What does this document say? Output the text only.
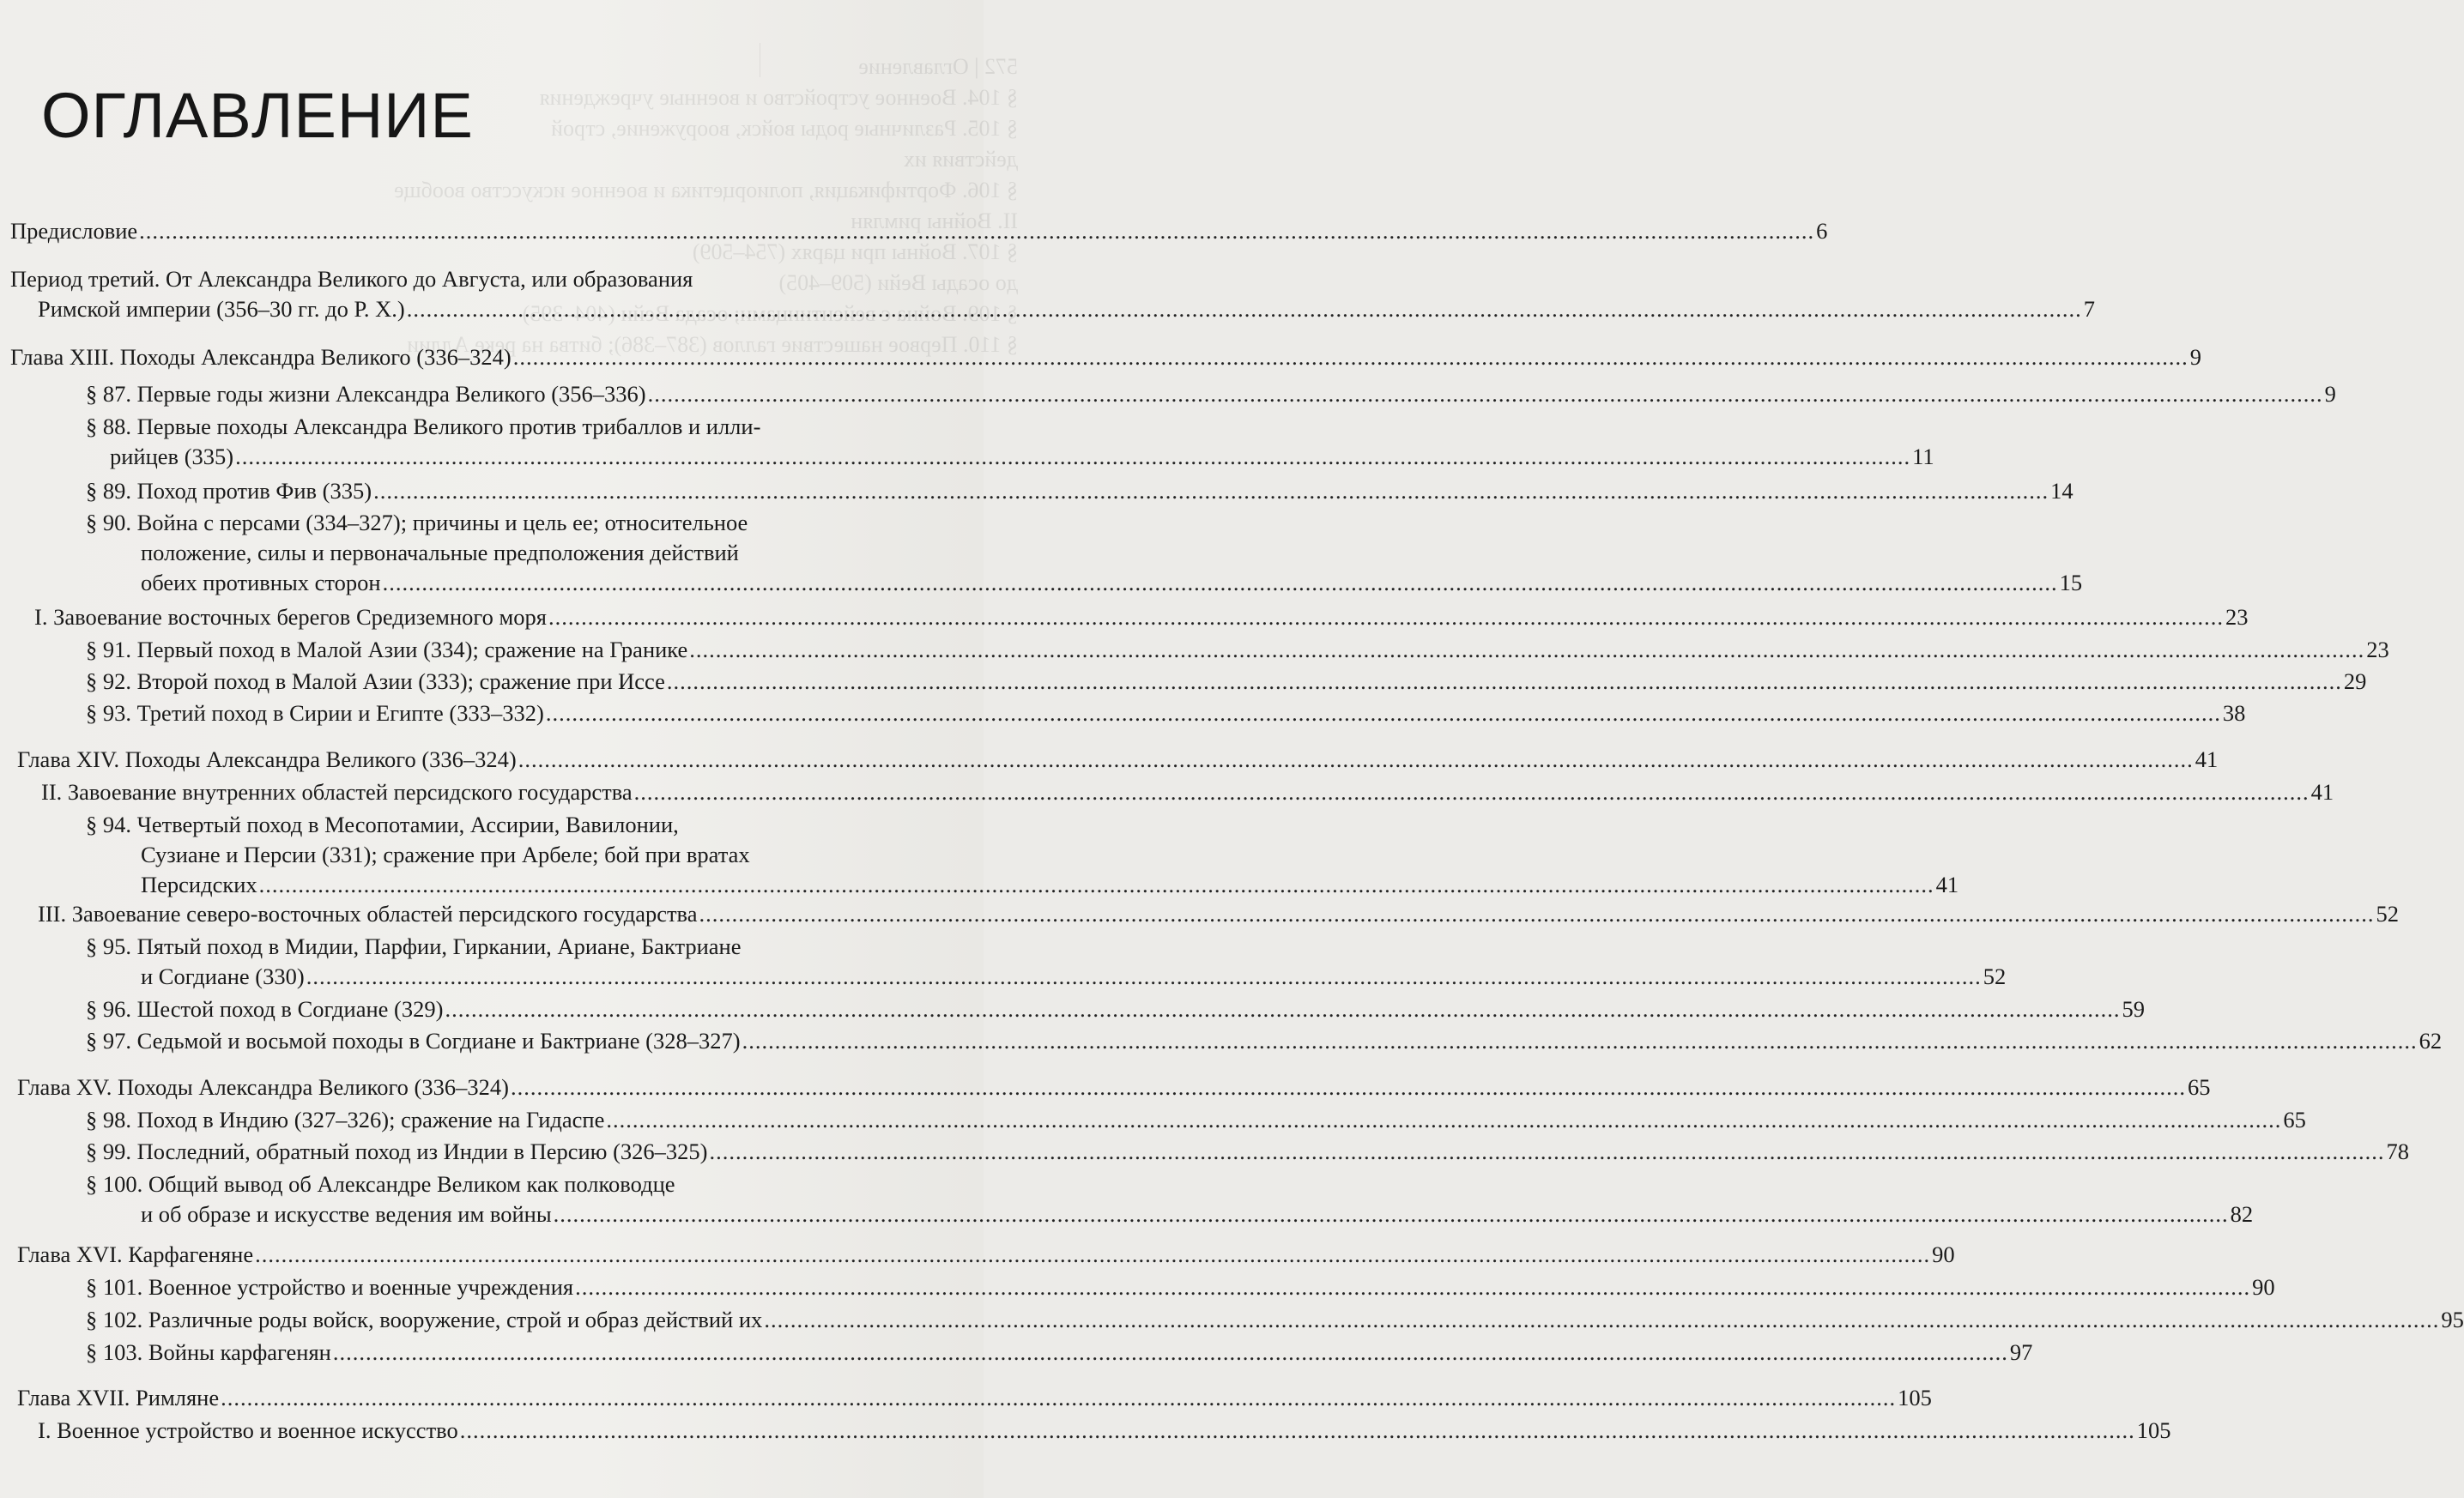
572 | Оглавление
§ 104. Военное устройство и военные учреждения
§ 105. Различные роды войск, вооружение, строй
действия их
§ 106. Фортификация, полиорцетика и военное искусство вообще
II. Войны римлян
§ 107. Войны при царях (754–509)
до осады Вейи (509–405)
§ 109. Война с вейентинцами; осада Вейи (404–395)
§ 110. Первое нашествие галлов (387–386); битва на реке Аллии
ОГЛАВЛЕНИЕ
Предисловие .....	6
Период третий. От Александра Великого до Августа, или образования
Римской империи (356–30 гг. до Р. Х.) .....	7
Глава XIII. Походы Александра Великого (336–324) .....	9
§ 87. Первые годы жизни Александра Великого (356–336) .....	9
§ 88. Первые походы Александра Великого против трибаллов и илли-
рийцев (335) .....	11
§ 89. Поход против Фив (335) .....	14
§ 90. Война с персами (334–327); причины и цель ее; относительное
положение, силы и первоначальные предположения действий
обеих противных сторон .....	15
I. Завоевание восточных берегов Средиземного моря .....	23
§ 91. Первый поход в Малой Азии (334); сражение на Гранике .....	23
§ 92. Второй поход в Малой Азии (333); сражение при Иссе .....	29
§ 93. Третий поход в Сирии и Египте (333–332) .....	38
Глава XIV. Походы Александра Великого (336–324) .....	41
II. Завоевание внутренних областей персидского государства .....	41
§ 94. Четвертый поход в Месопотамии, Ассирии, Вавилонии,
Сузиане и Персии (331); сражение при Арбеле; бой при вратах
Персидских .....	41
III. Завоевание северо-восточных областей персидского государства .....	52
§ 95. Пятый поход в Мидии, Парфии, Гиркании, Ариане, Бактриане
и Согдиане (330) .....	52
§ 96. Шестой поход в Согдиане (329) .....	59
§ 97. Седьмой и восьмой походы в Согдиане и Бактриане (328–327) .....	62
Глава XV. Походы Александра Великого (336–324) .....	65
§ 98. Поход в Индию (327–326); сражение на Гидаспе .....	65
§ 99. Последний, обратный поход из Индии в Персию (326–325) .....	78
§ 100. Общий вывод об Александре Великом как полководце
и об образе и искусстве ведения им войны .....	82
Глава XVI. Карфагеняне .....	90
§ 101. Военное устройство и военные учреждения .....	90
§ 102. Различные роды войск, вооружение, строй и образ действий их .....	95
§ 103. Войны карфагенян .....	97
Глава XVII. Римляне .....	105
I. Военное устройство и военное искусство .....	105
